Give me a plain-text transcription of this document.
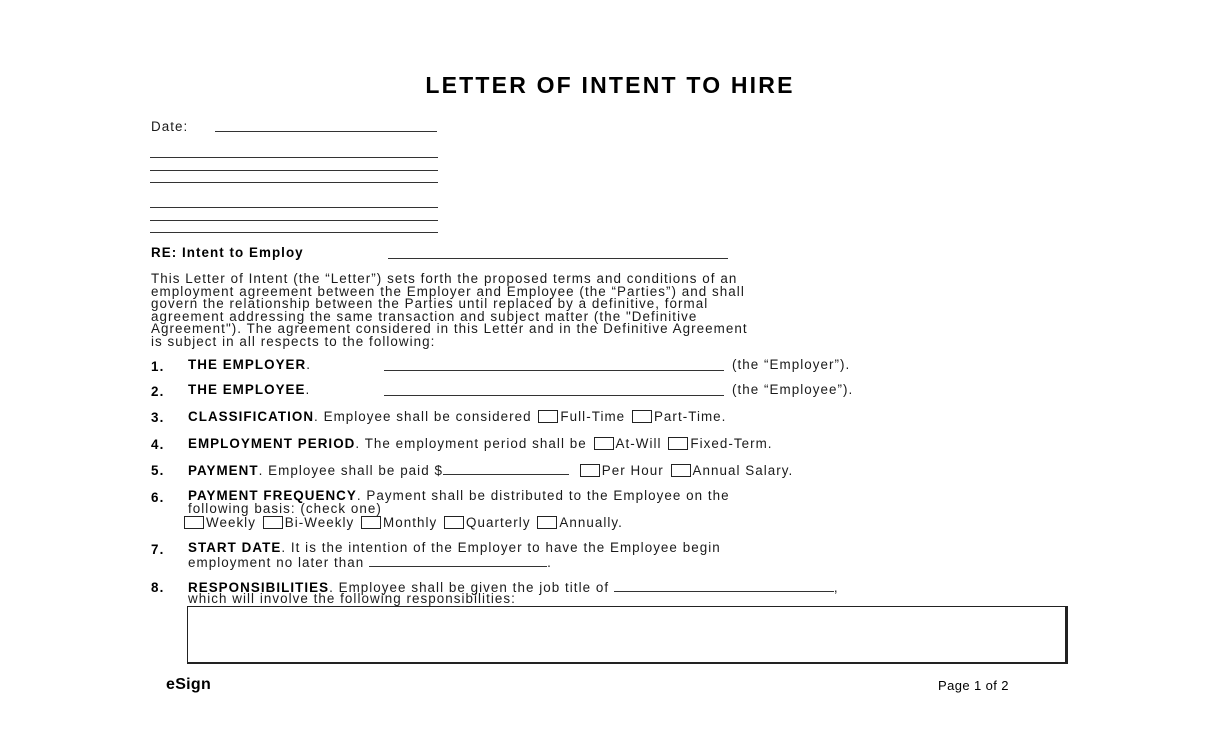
LETTER OF INTENT TO HIRE
Date:
RE: Intent to Employ
This Letter of Intent (the “Letter”) sets forth the proposed terms and conditions of an
employment agreement between the Employer and Employee (the “Parties”) and shall
govern the relationship between the Parties until replaced by a definitive, formal
agreement addressing the same transaction and subject matter (the "Definitive
Agreement"). The agreement considered in this Letter and in the Definitive Agreement
is subject in all respects to the following:
1. THE EMPLOYER.	(the “Employer”).
2. THE EMPLOYEE.	(the “Employee”).
3. CLASSIFICATION. Employee shall be considered Full-Time Part-Time.
4. EMPLOYMENT PERIOD. The employment period shall be At-Will Fixed-Term.
5. PAYMENT. Employee shall be paid $	Per Hour Annual Salary.
6. PAYMENT FREQUENCY. Payment shall be distributed to the Employee on the
following basis: (check one)
Weekly Bi-Weekly Monthly Quarterly Annually.
7. START DATE. It is the intention of the Employer to have the Employee begin
employment no later than	.
8. RESPONSIBILITIES. Employee shall be given the job title of	,
which will involve the following responsibilities:
eSign	Page 1 of 2
